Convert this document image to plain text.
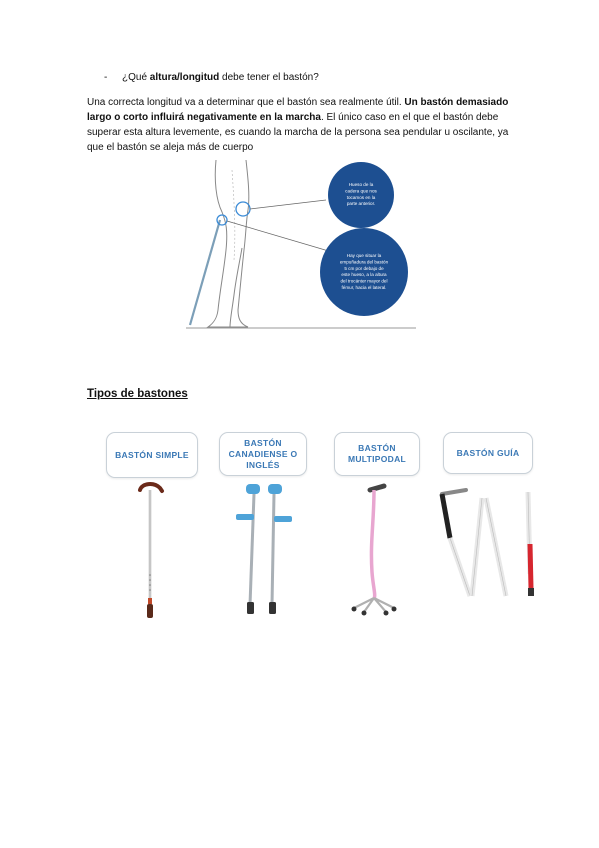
- ¿Qué altura/longitud debe tener el bastón?
Una correcta longitud va a determinar que el bastón sea realmente útil. Un bastón demasiado largo o corto influirá negativamente en la marcha. El único caso en el que el bastón debe superar esta altura levemente, es cuando la marcha de la persona sea pendular u oscilante, ya que el bastón se aleja más de cuerpo
Hueso de la
cadera que nos
tocamos en la
parte anterior.
Hay que situar la
empuñadura del bastón
5 cm por debajo de
este hueso, a la altura
del trocánter mayor del
fémur, hacia el lateral.
Tipos de bastones
BASTÓN SIMPLE
BASTÓN CANADIENSE O INGLÉS
BASTÓN MULTIPODAL
BASTÓN GUÍA
